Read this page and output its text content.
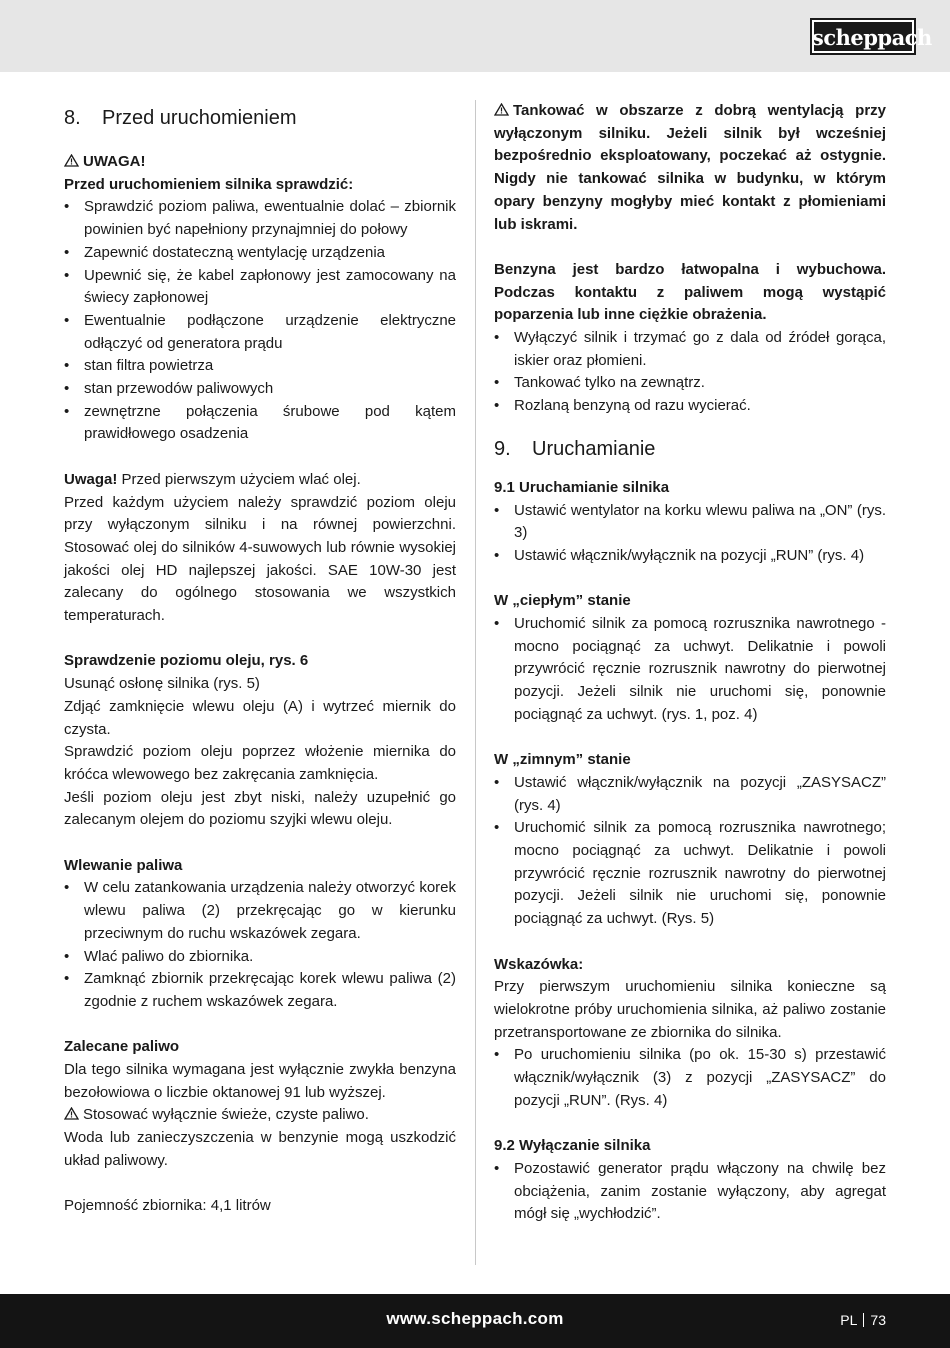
scheppach
8.	Przed uruchomieniem

UWAGA!

Przed uruchomieniem silnika sprawdzić:

• Sprawdzić poziom paliwa, ewentualnie dolać – zbiornik powinien być napełniony przynajmniej do połowy
• Zapewnić dostateczną wentylację urządzenia
• Upewnić się, że kabel zapłonowy jest zamocowany na świecy zapłonowej
• Ewentualnie podłączone urządzenie elektryczne odłączyć od generatora prądu
• stan filtra powietrza
• stan przewodów paliwowych
• zewnętrzne połączenia śrubowe pod kątem prawidłowego osadzenia

Uwaga! Przed pierwszym użyciem wlać olej.

Przed każdym użyciem należy sprawdzić poziom oleju przy wyłączonym silniku i na równej powierzchni. Stosować olej do silników 4-suwowych lub równie wysokiej jakości olej HD najlepszej jakości. SAE 10W-30 jest zalecany do ogólnego stosowania we wszystkich temperaturach.

Sprawdzenie poziomu oleju, rys. 6

Usunąć osłonę silnika (rys. 5)

Zdjąć zamknięcie wlewu oleju (A) i wytrzeć miernik do czysta.

Sprawdzić poziom oleju poprzez włożenie miernika do króćca wlewowego bez zakręcania zamknięcia.

Jeśli poziom oleju jest zbyt niski, należy uzupełnić go zalecanym olejem do poziomu szyjki wlewu oleju.

Wlewanie paliwa

• W celu zatankowania urządzenia należy otworzyć korek wlewu paliwa (2) przekręcając go w kierunku przeciwnym do ruchu wskazówek zegara.
• Wlać paliwo do zbiornika.
• Zamknąć zbiornik przekręcając korek wlewu paliwa (2) zgodnie z ruchem wskazówek zegara.

Zalecane paliwo

Dla tego silnika wymagana jest wyłącznie zwykła benzyna bezołowiowa o liczbie oktanowej 91 lub wyższej.

Stosować wyłącznie świeże, czyste paliwo.

Woda lub zanieczyszczenia w benzynie mogą uszkodzić układ paliwowy.

Pojemność zbiornika: 4,1 litrów

Tankować w obszarze z dobrą wentylacją przy wyłączonym silniku. Jeżeli silnik był wcześniej bezpośrednio eksploatowany, poczekać aż ostygnie. Nigdy nie tankować silnika w budynku, w którym opary benzyny mogłyby mieć kontakt z płomieniami lub iskrami.

Benzyna jest bardzo łatwopalna i wybuchowa. Podczas kontaktu z paliwem mogą wystąpić poparzenia lub inne ciężkie obrażenia.

• Wyłączyć silnik i trzymać go z dala od źródeł gorąca, iskier oraz płomieni.
• Tankować tylko na zewnątrz.
• Rozlaną benzyną od razu wycierać.
9.	Uruchamianie

9.1 Uruchamianie silnika

• Ustawić wentylator na korku wlewu paliwa na „ON” (rys. 3)
• Ustawić włącznik/wyłącznik na pozycji „RUN” (rys. 4)

W „ciepłym” stanie

• Uruchomić silnik za pomocą rozrusznika nawrotnego - mocno pociągnąć za uchwyt. Delikatnie i powoli przywrócić ręcznie rozrusznik nawrotny do pierwotnej pozycji. Jeżeli silnik nie uruchomi się, ponownie pociągnąć za uchwyt. (rys. 1, poz. 4)

W „zimnym” stanie

• Ustawić włącznik/wyłącznik na pozycji „ZASYSACZ” (rys. 4)
• Uruchomić silnik za pomocą rozrusznika nawrotnego; mocno pociągnąć za uchwyt. Delikatnie i powoli przywrócić ręcznie rozrusznik nawrotny do pierwotnej pozycji. Jeżeli silnik nie uruchomi się, ponownie pociągnąć za uchwyt. (Rys. 5)

Wskazówka:

Przy pierwszym uruchomieniu silnika konieczne są wielokrotne próby uruchomienia silnika, aż paliwo zostanie przetransportowane ze zbiornika do silnika.

• Po uruchomieniu silnika (po ok. 15-30 s) przestawić włącznik/wyłącznik (3) z pozycji „ZASYSACZ” do pozycji „RUN”. (Rys. 4)

9.2 Wyłączanie silnika

• Pozostawić generator prądu włączony na chwilę bez obciążenia, zanim zostanie wyłączony, aby agregat mógł się „wychłodzić”.
www.scheppach.com	PL 73
